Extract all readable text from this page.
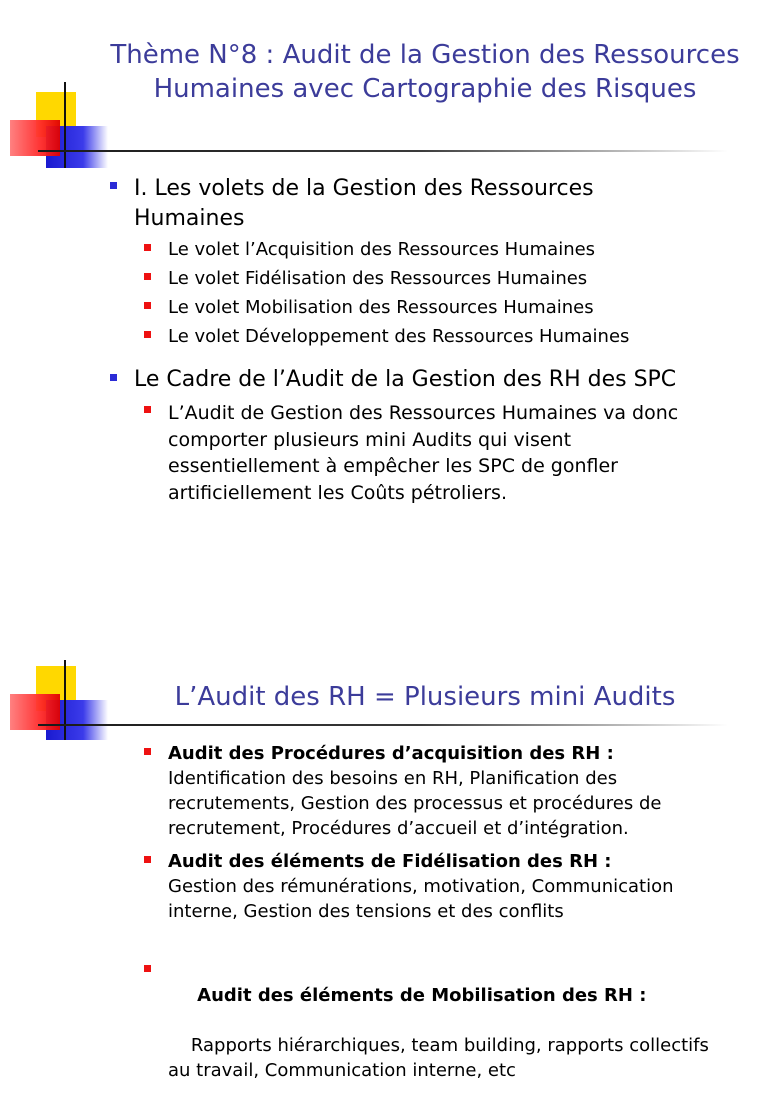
Thème N°8 : Audit de la Gestion des Ressources Humaines avec Cartographie des Risques
I. Les volets de la Gestion des Ressources Humaines
Le volet l’Acquisition des Ressources Humaines
Le volet Fidélisation des Ressources Humaines
Le volet Mobilisation des Ressources Humaines
Le volet Développement des Ressources Humaines
Le Cadre de l’Audit de la Gestion des RH des SPC
L’Audit de Gestion des Ressources Humaines va donc comporter plusieurs mini Audits qui visent essentiellement à empêcher les SPC de gonfler artificiellement les Coûts pétroliers.
L’Audit des RH = Plusieurs mini Audits
Audit des Procédures d’acquisition des RH :
Identification des besoins en RH, Planification des recrutements, Gestion des processus et procédures de recrutement, Procédures d’accueil et d’intégration.
Audit des éléments de Fidélisation des RH :
Gestion des rémunérations, motivation, Communication interne, Gestion des tensions et des conflits

Audit des éléments de Mobilisation des RH :

Rapports hiérarchiques, team building, rapports collectifs au travail, Communication interne, etc
